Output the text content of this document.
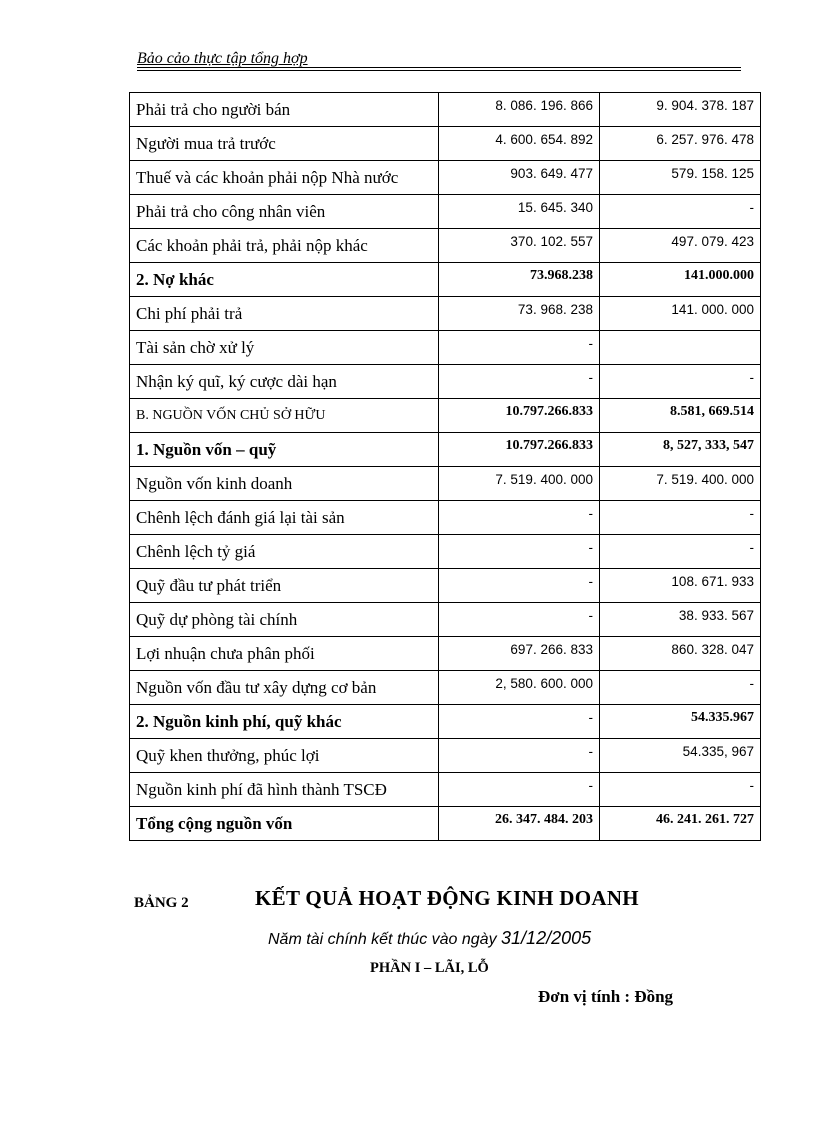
Bảo cảo thực tập tổng hợp
Phải trả cho người bán	8. 086. 196. 866	9. 904. 378. 187
Người mua trả trước	4. 600. 654. 892	6. 257. 976. 478
Thuế và các khoản phải nộp Nhà nước	903. 649. 477	579. 158. 125
Phải trả cho công nhân viên	15. 645. 340	-
Các khoản phải trả, phải nộp khác	370. 102. 557	497. 079. 423
2. Nợ khác	73.968.238	141.000.000
Chi phí phải trả	73. 968. 238	141. 000. 000
Tài sản chờ xử lý	-	
Nhận ký quĩ, ký cược dài hạn	-	-
B. NGUỒN VỐN CHỦ SỞ HỮU	10.797.266.833	8.581, 669.514
1. Nguồn vốn – quỹ	10.797.266.833	8, 527, 333, 547
Nguồn vốn kinh doanh	7. 519. 400. 000	7. 519. 400. 000
Chênh lệch đánh giá lại tài sản	-	-
Chênh lệch tỷ giá	-	-
Quỹ đầu tư phát triển	-	108. 671. 933
Quỹ dự phòng tài chính	-	38. 933. 567
Lợi nhuận chưa phân phối	697. 266. 833	860. 328. 047
Nguồn vốn đầu tư xây dựng cơ bản	2, 580. 600. 000	-
2. Nguồn kinh phí, quỹ khác	-	54.335.967
Quỹ khen thưởng, phúc lợi	-	54.335, 967
Nguồn kinh phí đã hình thành TSCĐ	-	-
Tổng cộng nguồn vốn	26. 347. 484. 203	46. 241. 261. 727
BẢNG 2	KẾT QUẢ HOẠT ĐỘNG KINH DOANH
Năm tài chính kết thúc vào ngày 31/12/2005
PHẦN I – LÃI, LỖ
Đơn vị tính : Đồng
